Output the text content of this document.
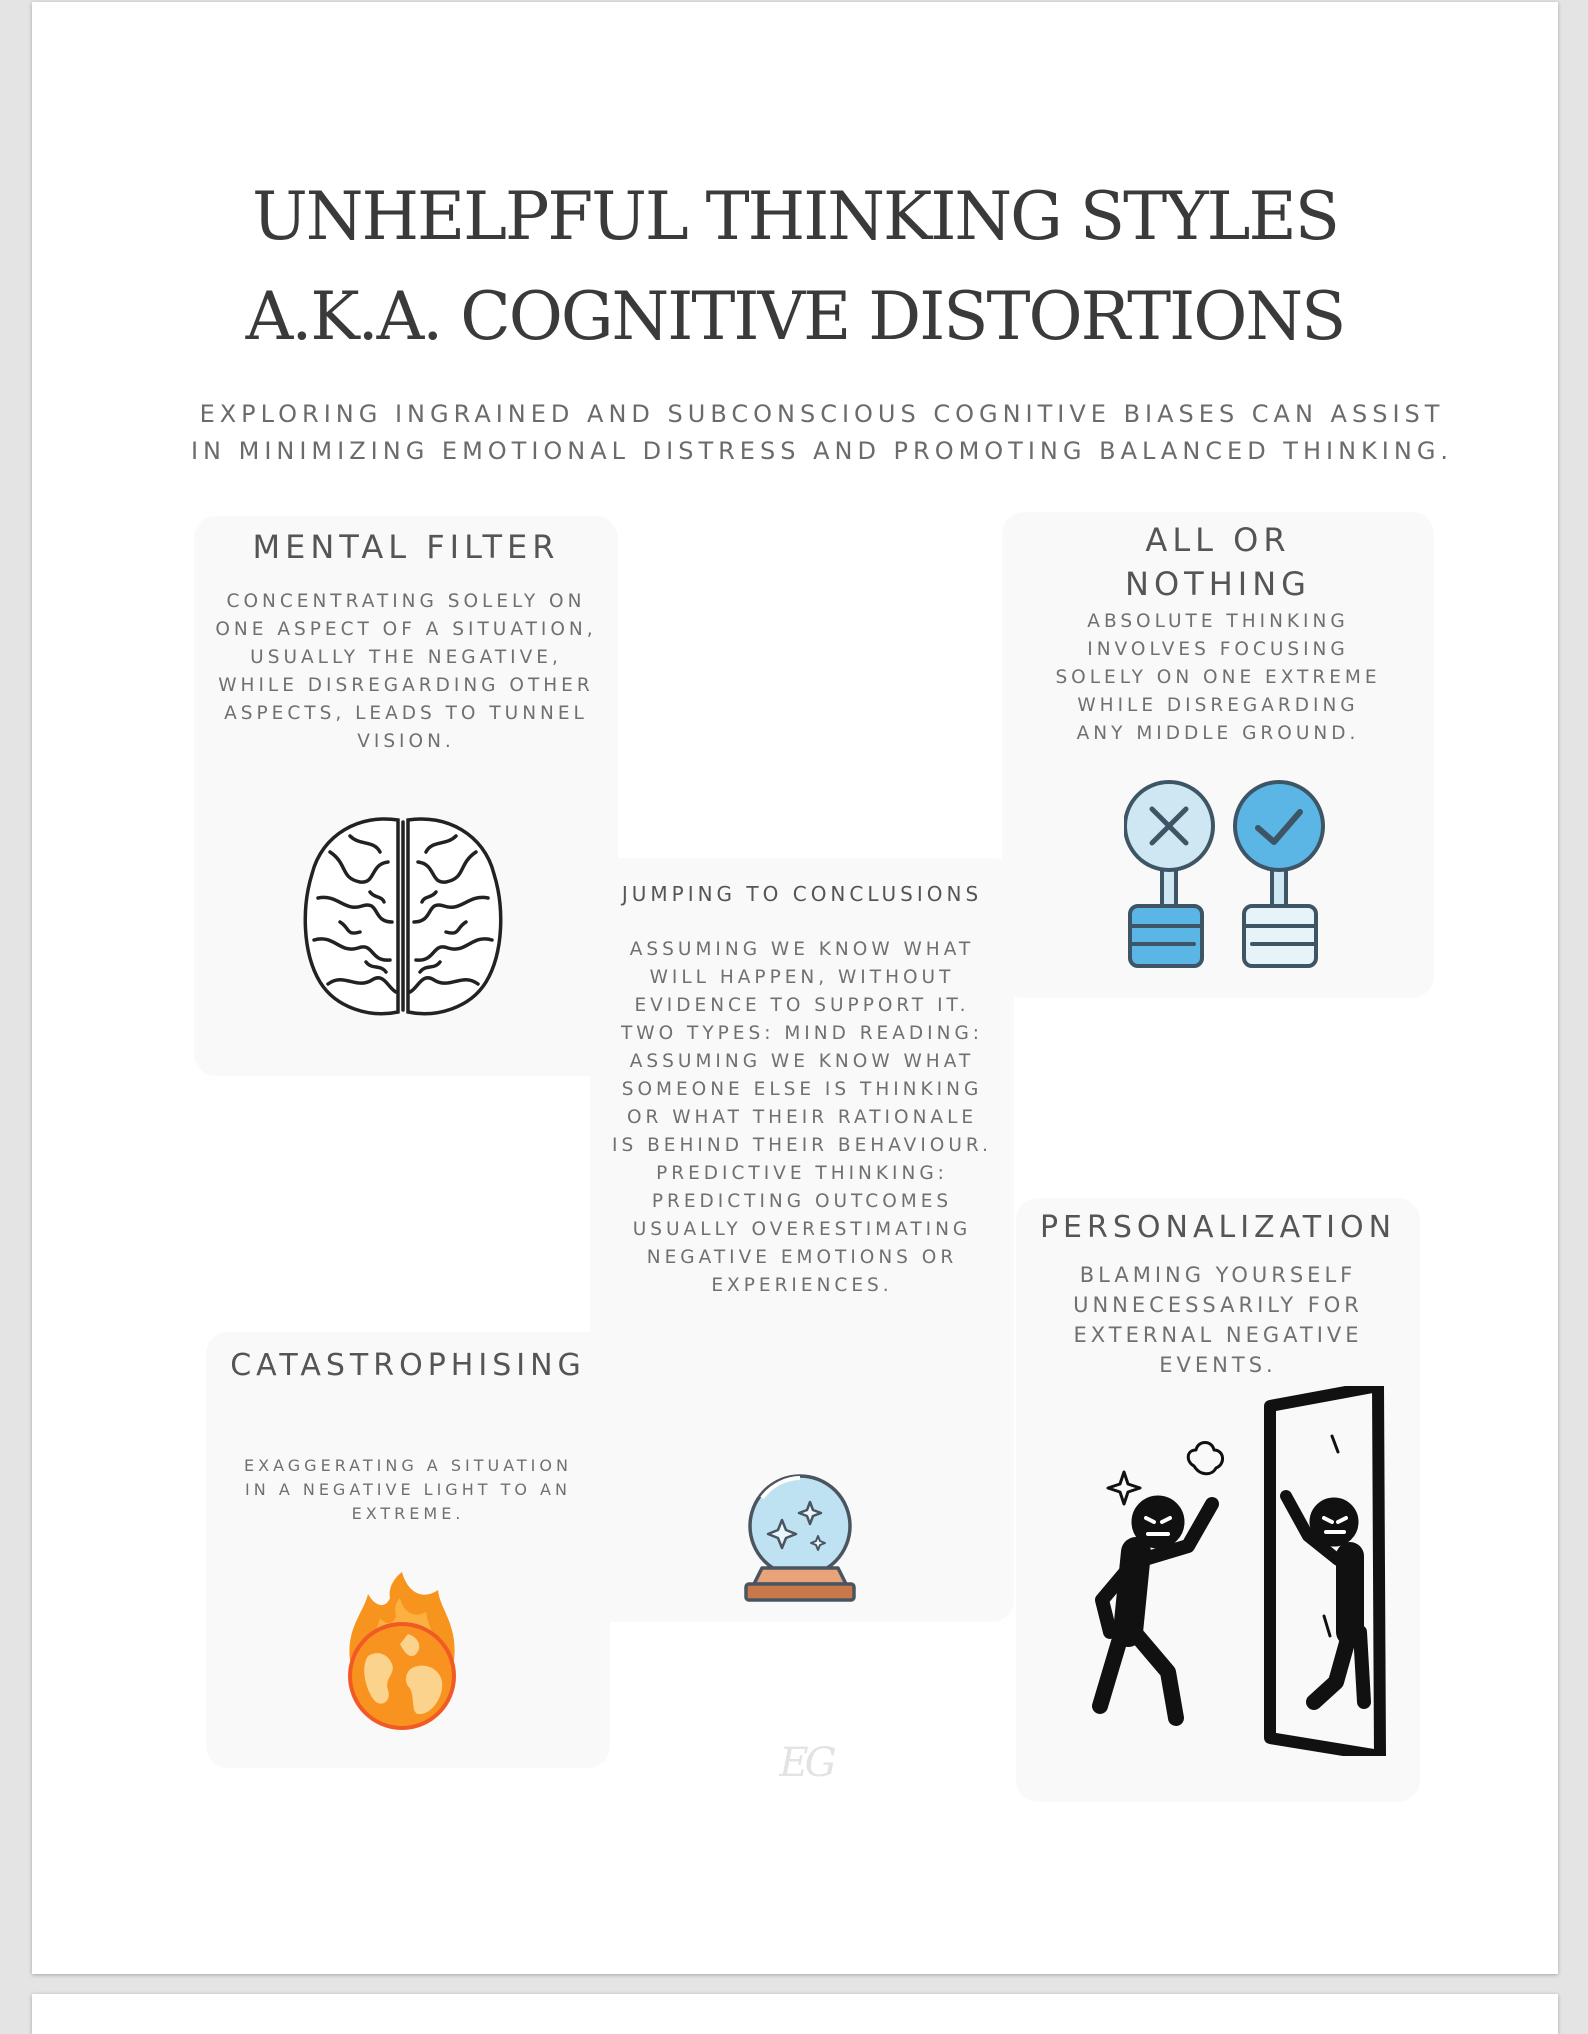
UNHELPFUL THINKING STYLES
A.K.A. COGNITIVE DISTORTIONS
EXPLORING INGRAINED AND SUBCONSCIOUS COGNITIVE BIASES CAN ASSIST IN MINIMIZING EMOTIONAL DISTRESS AND PROMOTING BALANCED THINKING.
MENTAL FILTER
CONCENTRATING SOLELY ON ONE ASPECT OF A SITUATION, USUALLY THE NEGATIVE, WHILE DISREGARDING OTHER ASPECTS, LEADS TO TUNNEL VISION.
ALL OR NOTHING
ABSOLUTE THINKING INVOLVES FOCUSING SOLELY ON ONE EXTREME WHILE DISREGARDING ANY MIDDLE GROUND.
JUMPING TO CONCLUSIONS
ASSUMING WE KNOW WHAT WILL HAPPEN, WITHOUT EVIDENCE TO SUPPORT IT. TWO TYPES: MIND READING: ASSUMING WE KNOW WHAT SOMEONE ELSE IS THINKING OR WHAT THEIR RATIONALE IS BEHIND THEIR BEHAVIOUR. PREDICTIVE THINKING: PREDICTING OUTCOMES USUALLY OVERESTIMATING NEGATIVE EMOTIONS OR EXPERIENCES.
CATASTROPHISING
EXAGGERATING A SITUATION IN A NEGATIVE LIGHT TO AN EXTREME.
PERSONALIZATION
BLAMING YOURSELF UNNECESSARILY FOR EXTERNAL NEGATIVE EVENTS.
EG
